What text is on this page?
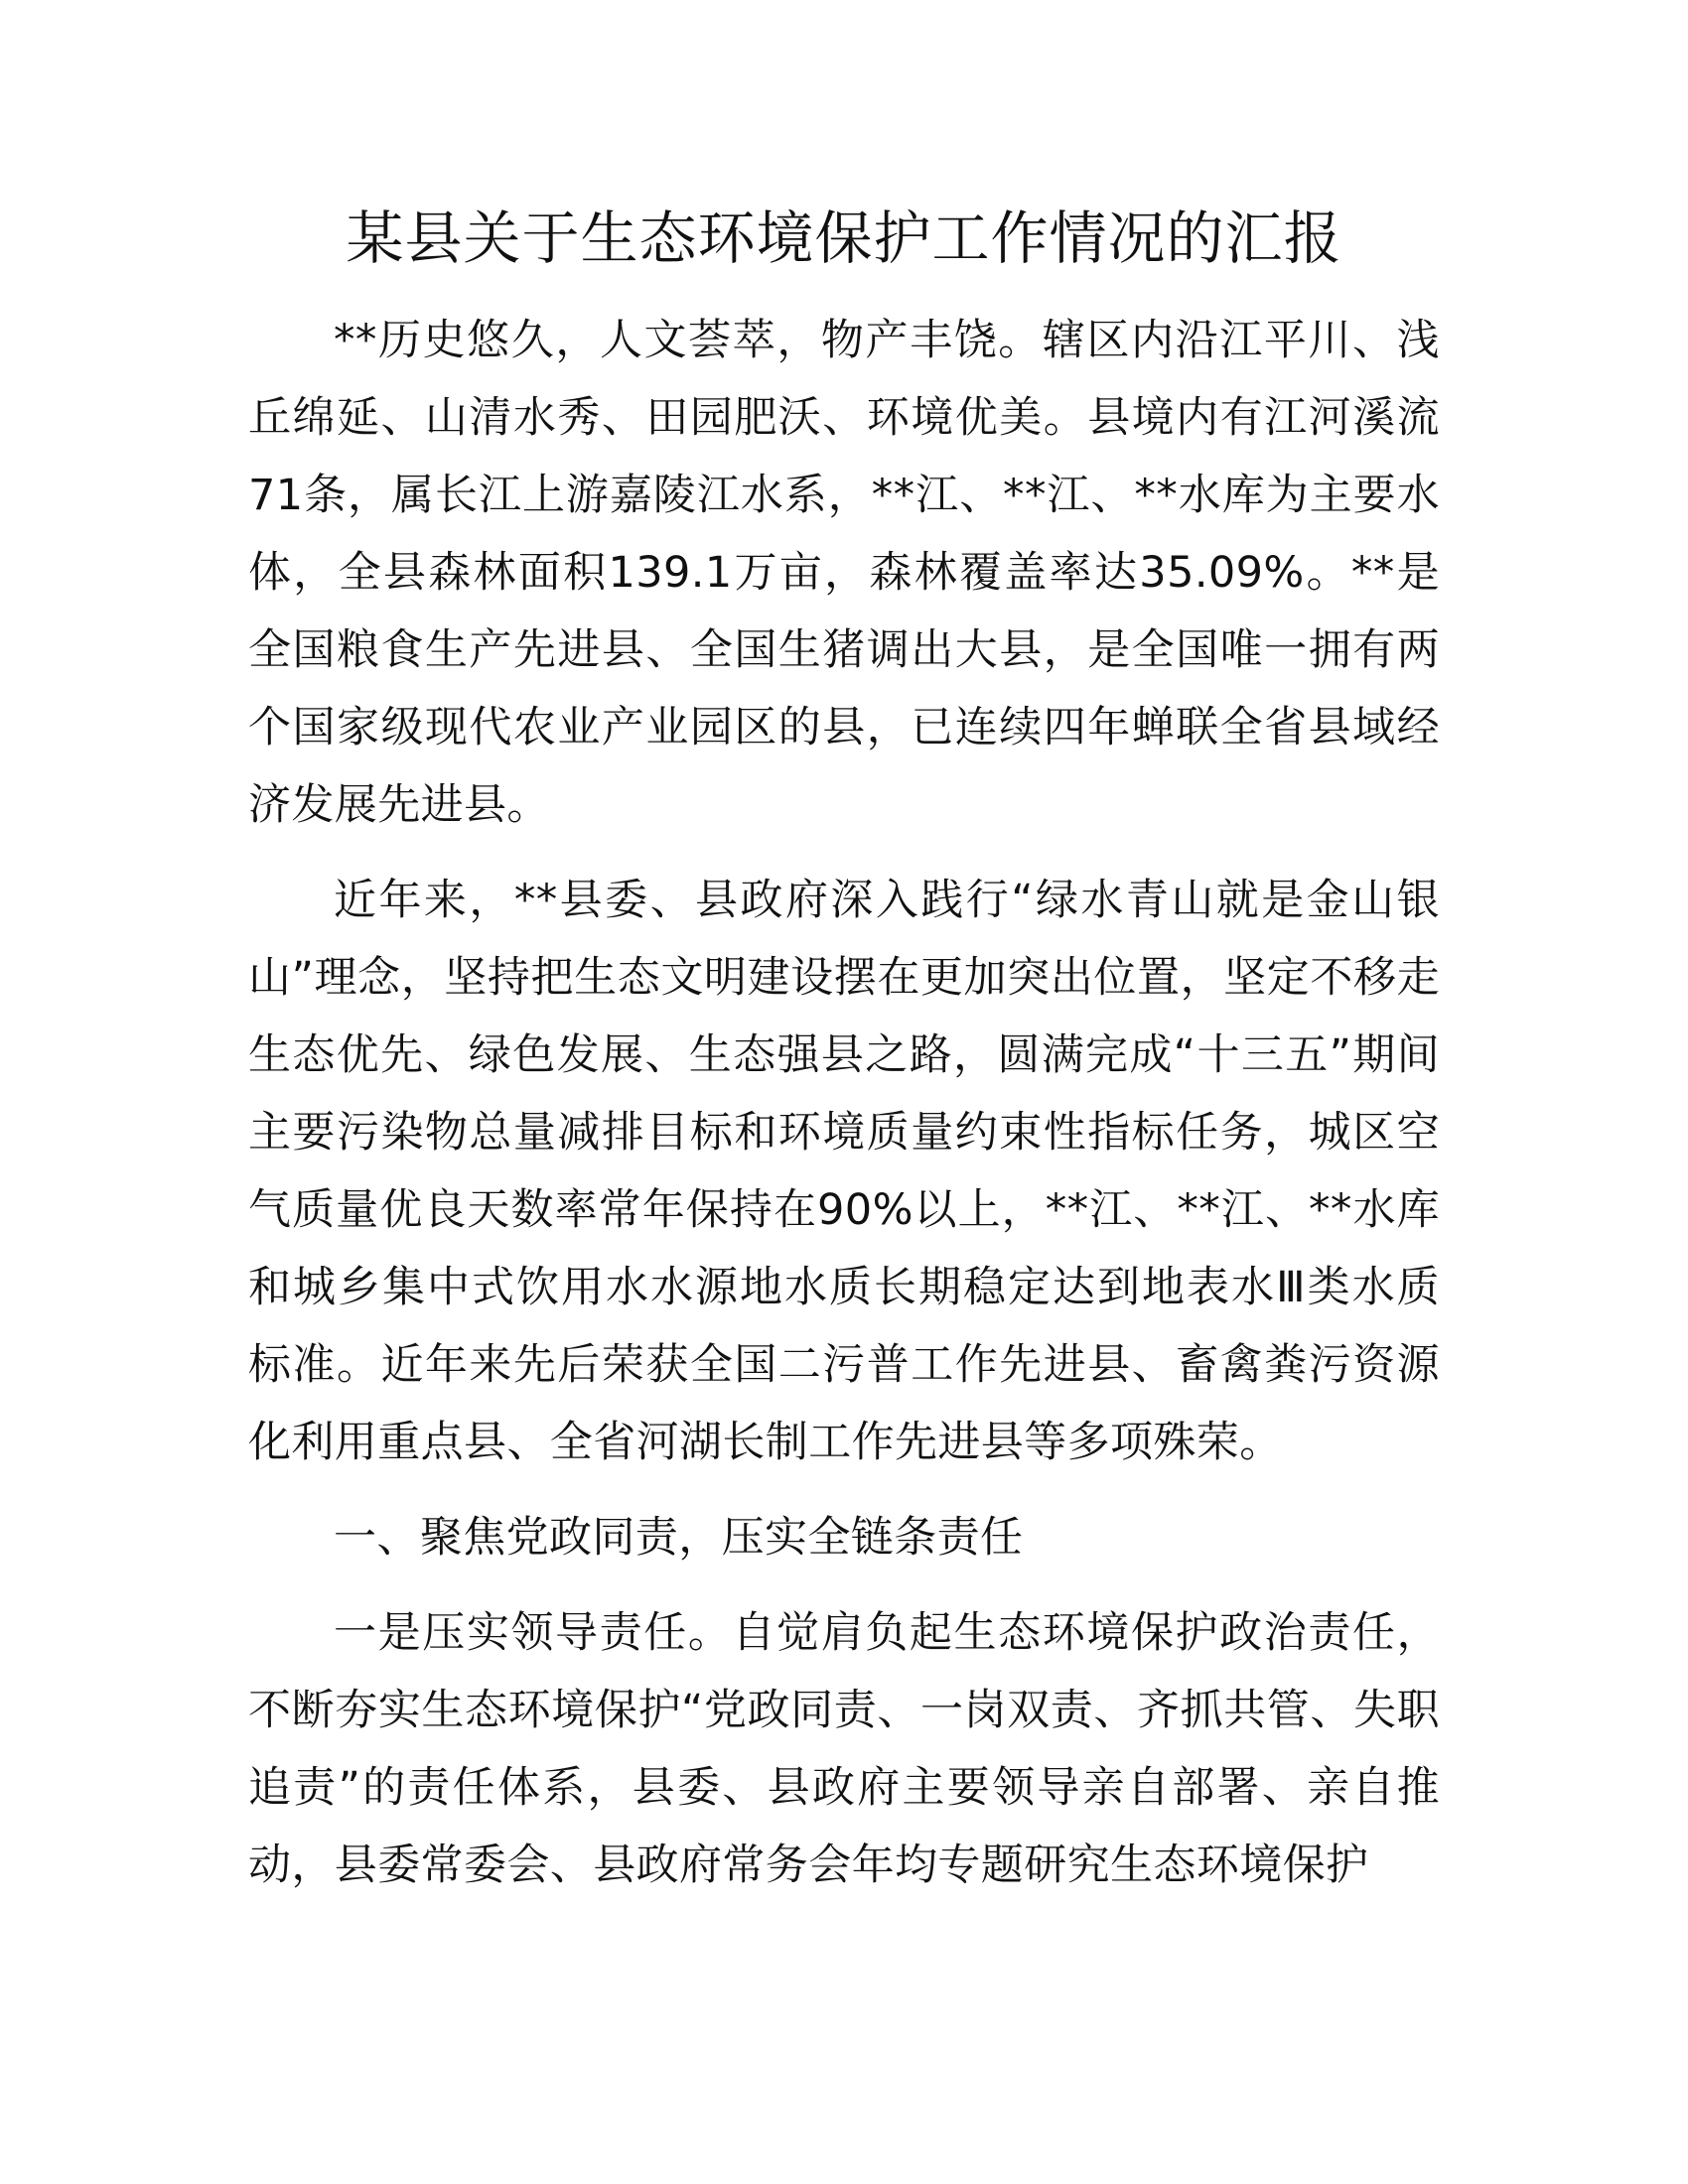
某县关于生态环境保护工作情况的汇报

**历史悠久，人文荟萃，物产丰饶。辖区内沿江平川、浅丘绵延、山清水秀、田园肥沃、环境优美。县境内有江河溪流71条，属长江上游嘉陵江水系，**江、**江、**水库为主要水体，全县森林面积139.1万亩，森林覆盖率达35.09%。**是全国粮食生产先进县、全国生猪调出大县，是全国唯一拥有两个国家级现代农业产业园区的县，已连续四年蝉联全省县域经济发展先进县。

近年来，**县委、县政府深入践行“绿水青山就是金山银山”理念，坚持把生态文明建设摆在更加突出位置，坚定不移走生态优先、绿色发展、生态强县之路，圆满完成“十三五”期间主要污染物总量减排目标和环境质量约束性指标任务，城区空气质量优良天数率常年保持在90%以上，**江、**江、**水库和城乡集中式饮用水水源地水质长期稳定达到地表水Ⅲ类水质标准。近年来先后荣获全国二污普工作先进县、畜禽粪污资源化利用重点县、全省河湖长制工作先进县等多项殊荣。

一、聚焦党政同责，压实全链条责任

一是压实领导责任。自觉肩负起生态环境保护政治责任，不断夯实生态环境保护“党政同责、一岗双责、齐抓共管、失职追责”的责任体系，县委、县政府主要领导亲自部署、亲自推动，县委常委会、县政府常务会年均专题研究生态环境保护
